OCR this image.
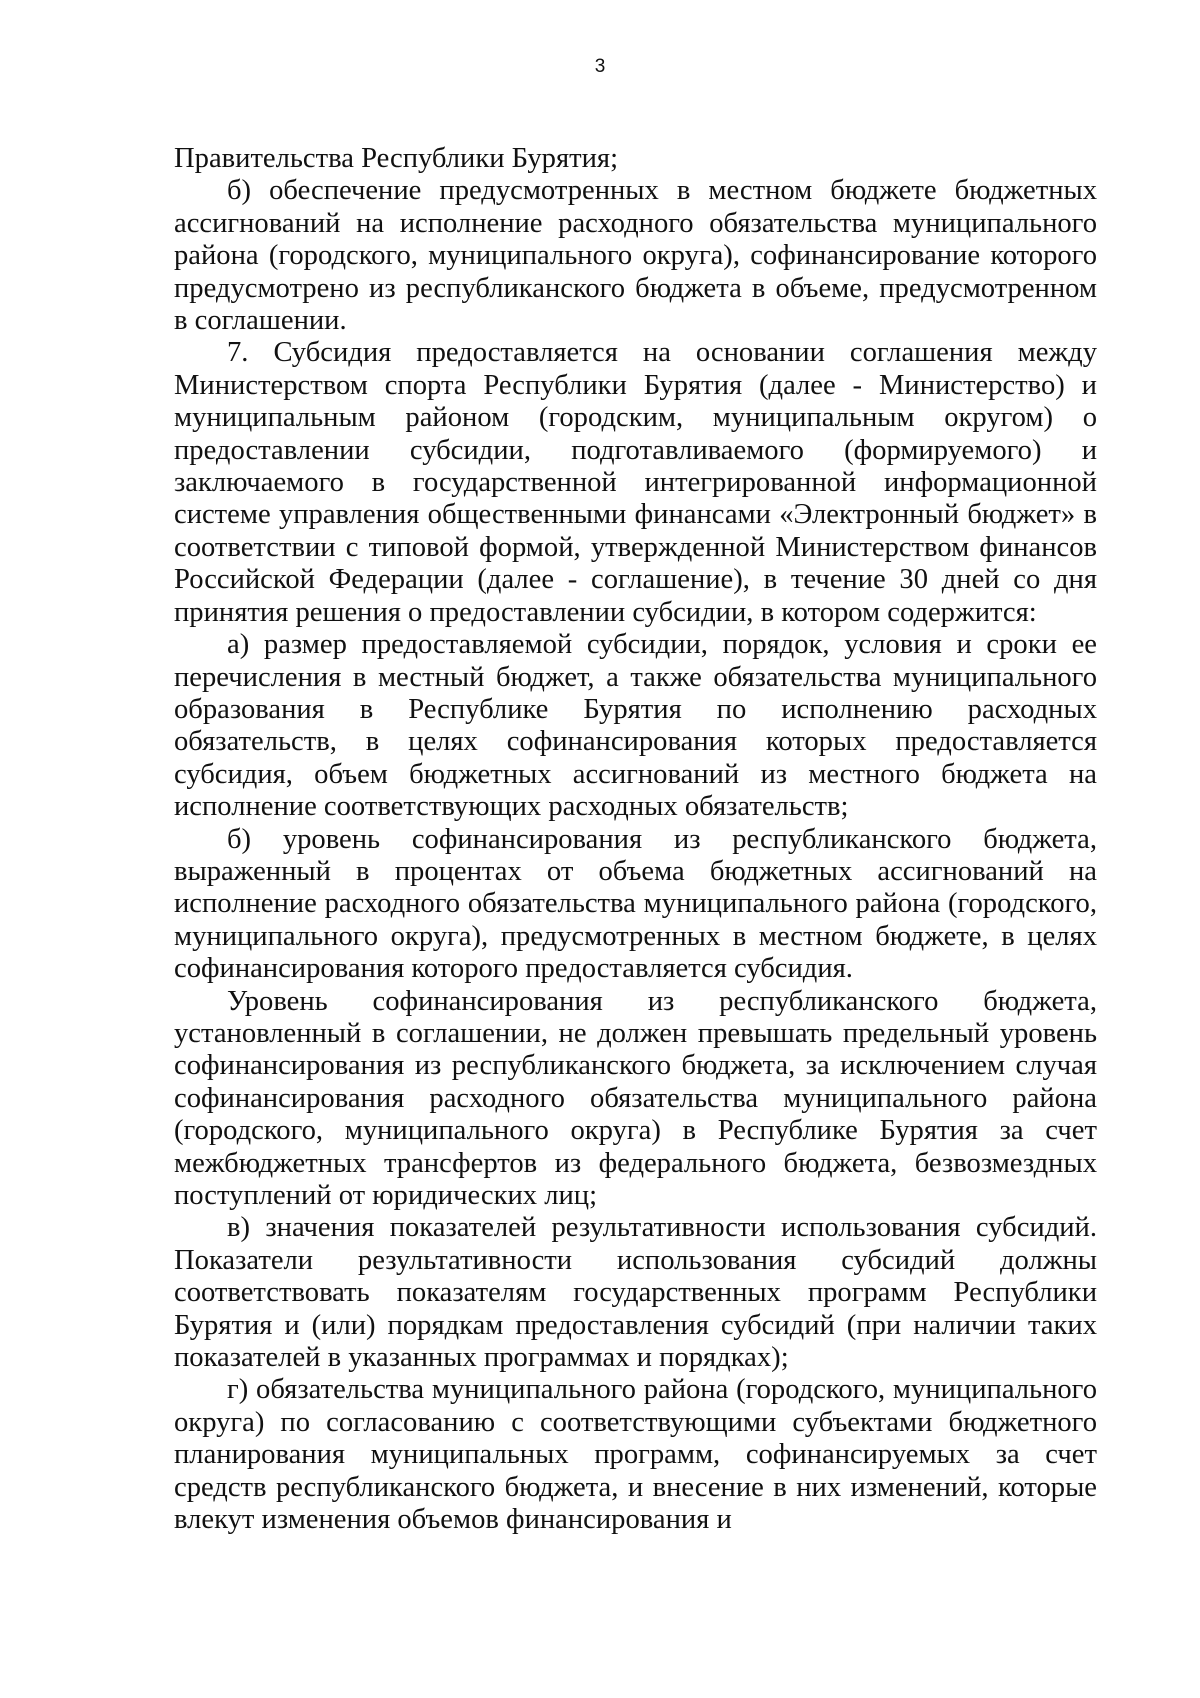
3

Правительства Республики Бурятия;

б) обеспечение предусмотренных в местном бюджете бюджетных ассигнований на исполнение расходного обязательства муниципального района (городского, муниципального округа), софинансирование которого предусмотрено из республиканского бюджета в объеме, предусмотренном в соглашении.

7. Субсидия предоставляется на основании соглашения между Министерством спорта Республики Бурятия (далее - Министерство) и муниципальным районом (городским, муниципальным округом) о предоставлении субсидии, подготавливаемого (формируемого) и заключаемого в государственной интегрированной информационной системе управления общественными финансами «Электронный бюджет» в соответствии с типовой формой, утвержденной Министерством финансов Российской Федерации (далее - соглашение), в течение 30 дней со дня принятия решения о предоставлении субсидии, в котором содержится:

а) размер предоставляемой субсидии, порядок, условия и сроки ее перечисления в местный бюджет, а также обязательства муниципального образования в Республике Бурятия по исполнению расходных обязательств, в целях софинансирования которых предоставляется субсидия, объем бюджетных ассигнований из местного бюджета на исполнение соответствующих расходных обязательств;

б) уровень софинансирования из республиканского бюджета, выраженный в процентах от объема бюджетных ассигнований на исполнение расходного обязательства муниципального района (городского, муниципального округа), предусмотренных в местном бюджете, в целях софинансирования которого предоставляется субсидия.

Уровень софинансирования из республиканского бюджета, установленный в соглашении, не должен превышать предельный уровень софинансирования из республиканского бюджета, за исключением случая софинансирования расходного обязательства муниципального района (городского, муниципального округа) в Республике Бурятия за счет межбюджетных трансфертов из федерального бюджета, безвозмездных поступлений от юридических лиц;

в) значения показателей результативности использования субсидий. Показатели результативности использования субсидий должны соответствовать показателям государственных программ Республики Бурятия и (или) порядкам предоставления субсидий (при наличии таких показателей в указанных программах и порядках);

г) обязательства муниципального района (городского, муниципального округа) по согласованию с соответствующими субъектами бюджетного планирования муниципальных программ, софинансируемых за счет средств республиканского бюджета, и внесение в них изменений, которые влекут изменения объемов финансирования и
